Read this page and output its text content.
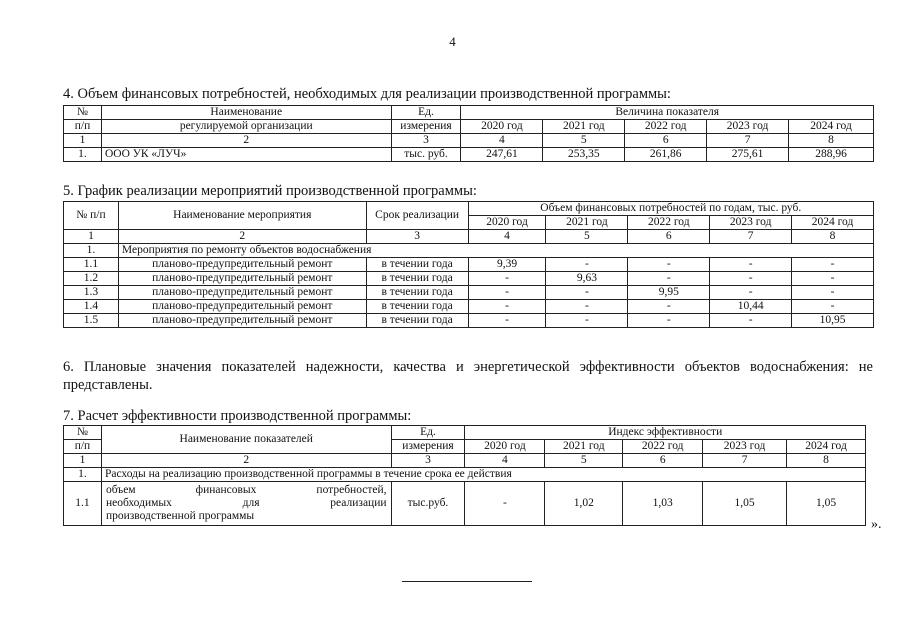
4
4. Объем финансовых потребностей, необходимых для реализации производственной программы:
№	Наименование	Ед.	Величина показателя				
п/п	регулируемой организации	измерения	2020 год	2021 год	2022 год	2023 год	2024 год
1	2	3	4	5	6	7	8
1.	ООО УК «ЛУЧ»	тыс. руб.	247,61	253,35	261,86	275,61	288,96
5. График реализации мероприятий производственной программы:
№ п/п	Наименование мероприятия	Срок реализации	Объем финансовых потребностей по годам, тыс. руб.				
			2020 год	2021 год	2022 год	2023 год	2024 год
1	2	3	4	5	6	7	8
1.	Мероприятия по ремонту объектов водоснабжения						
1.1	планово-предупредительный ремонт	в течении года	9,39	-	-	-	-
1.2	планово-предупредительный ремонт	в течении года	-	9,63	-	-	-
1.3	планово-предупредительный ремонт	в течении года	-	-	9,95	-	-
1.4	планово-предупредительный ремонт	в течении года	-	-	-	10,44	-
1.5	планово-предупредительный ремонт	в течении года	-	-	-	-	10,95
6. Плановые значения показателей надежности, качества и энергетической эффективности объектов водоснабжения: не
представлены.
7. Расчет эффективности производственной программы:
№	Наименование показателей	Ед.	Индекс эффективности				
п/п		измерения	2020 год	2021 год	2022 год	2023 год	2024 год
1	2	3	4	5	6	7	8
1.	Расходы на реализацию производственной программы в течение срока ее действия						
1.1	объем финансовых потребностей,
необходимых для реализации
производственной программы	тыс.руб.	-	1,02	1,03	1,05	1,05
».
